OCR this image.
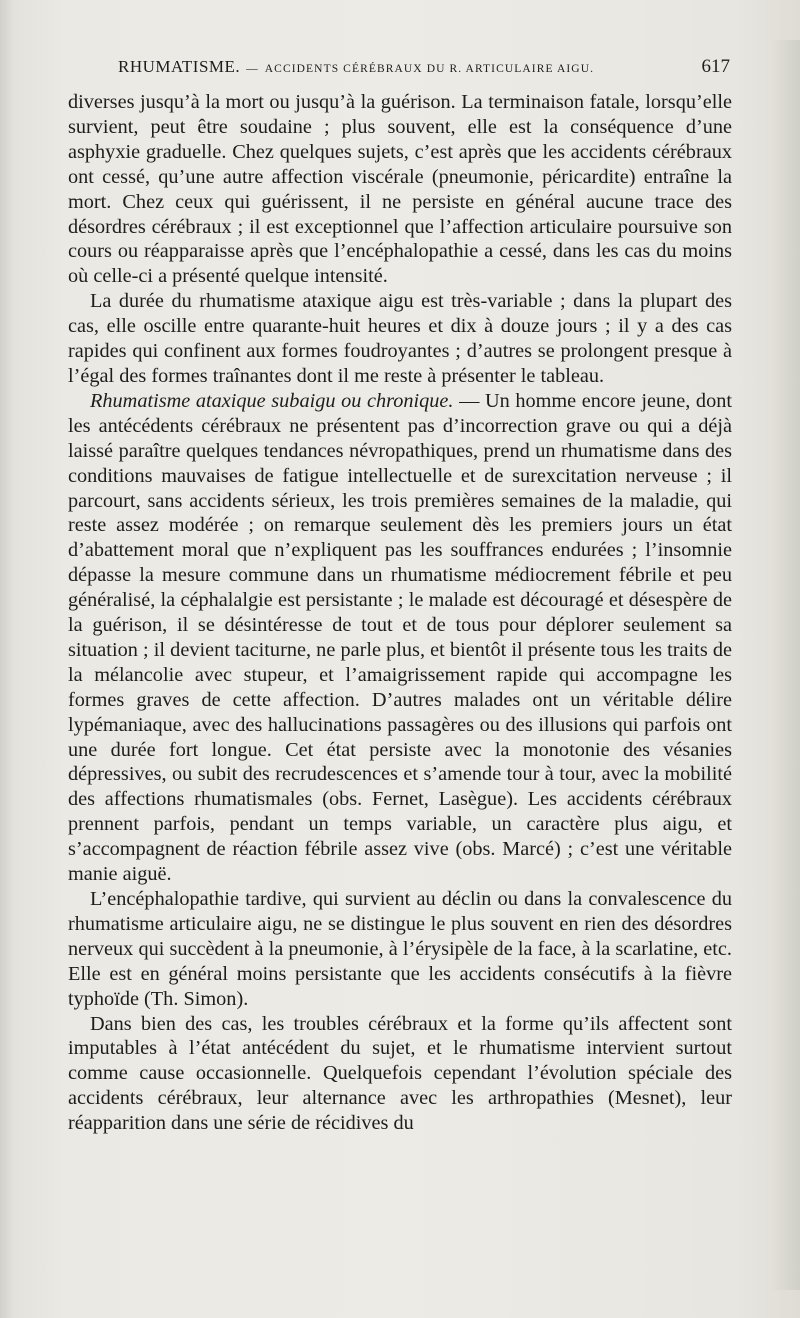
RHUMATISME. — ACCIDENTS CÉRÉBRAUX DU R. ARTICULAIRE AIGU.	617

diverses jusqu’à la mort ou jusqu’à la guérison. La terminaison fatale, lorsqu’elle survient, peut être soudaine ; plus souvent, elle est la conséquence d’une asphyxie graduelle. Chez quelques sujets, c’est après que les accidents cérébraux ont cessé, qu’une autre affection viscérale (pneumonie, péricardite) entraîne la mort. Chez ceux qui guérissent, il ne persiste en général aucune trace des désordres cérébraux ; il est exceptionnel que l’affection articulaire poursuive son cours ou réapparaisse après que l’encéphalopathie a cessé, dans les cas du moins où celle-ci a présenté quelque intensité.

La durée du rhumatisme ataxique aigu est très-variable ; dans la plupart des cas, elle oscille entre quarante-huit heures et dix à douze jours ; il y a des cas rapides qui confinent aux formes foudroyantes ; d’autres se prolongent presque à l’égal des formes traînantes dont il me reste à présenter le tableau.

Rhumatisme ataxique subaigu ou chronique. — Un homme encore jeune, dont les antécédents cérébraux ne présentent pas d’incorrection grave ou qui a déjà laissé paraître quelques tendances névropathiques, prend un rhumatisme dans des conditions mauvaises de fatigue intellectuelle et de surexcitation nerveuse ; il parcourt, sans accidents sérieux, les trois premières semaines de la maladie, qui reste assez modérée ; on remarque seulement dès les premiers jours un état d’abattement moral que n’expliquent pas les souffrances endurées ; l’insomnie dépasse la mesure commune dans un rhumatisme médiocrement fébrile et peu généralisé, la céphalalgie est persistante ; le malade est découragé et désespère de la guérison, il se désintéresse de tout et de tous pour déplorer seulement sa situation ; il devient taciturne, ne parle plus, et bientôt il présente tous les traits de la mélancolie avec stupeur, et l’amaigrissement rapide qui accompagne les formes graves de cette affection. D’autres malades ont un véritable délire lypémaniaque, avec des hallucinations passagères ou des illusions qui parfois ont une durée fort longue. Cet état persiste avec la monotonie des vésanies dépressives, ou subit des recrudescences et s’amende tour à tour, avec la mobilité des affections rhumatismales (obs. Fernet, Lasègue). Les accidents cérébraux prennent parfois, pendant un temps variable, un caractère plus aigu, et s’accompagnent de réaction fébrile assez vive (obs. Marcé) ; c’est une véritable manie aiguë.

L’encéphalopathie tardive, qui survient au déclin ou dans la convalescence du rhumatisme articulaire aigu, ne se distingue le plus souvent en rien des désordres nerveux qui succèdent à la pneumonie, à l’érysipèle de la face, à la scarlatine, etc. Elle est en général moins persistante que les accidents consécutifs à la fièvre typhoïde (Th. Simon).

Dans bien des cas, les troubles cérébraux et la forme qu’ils affectent sont imputables à l’état antécédent du sujet, et le rhumatisme intervient surtout comme cause occasionnelle. Quelquefois cependant l’évolution spéciale des accidents cérébraux, leur alternance avec les arthropathies (Mesnet), leur réapparition dans une série de récidives du
